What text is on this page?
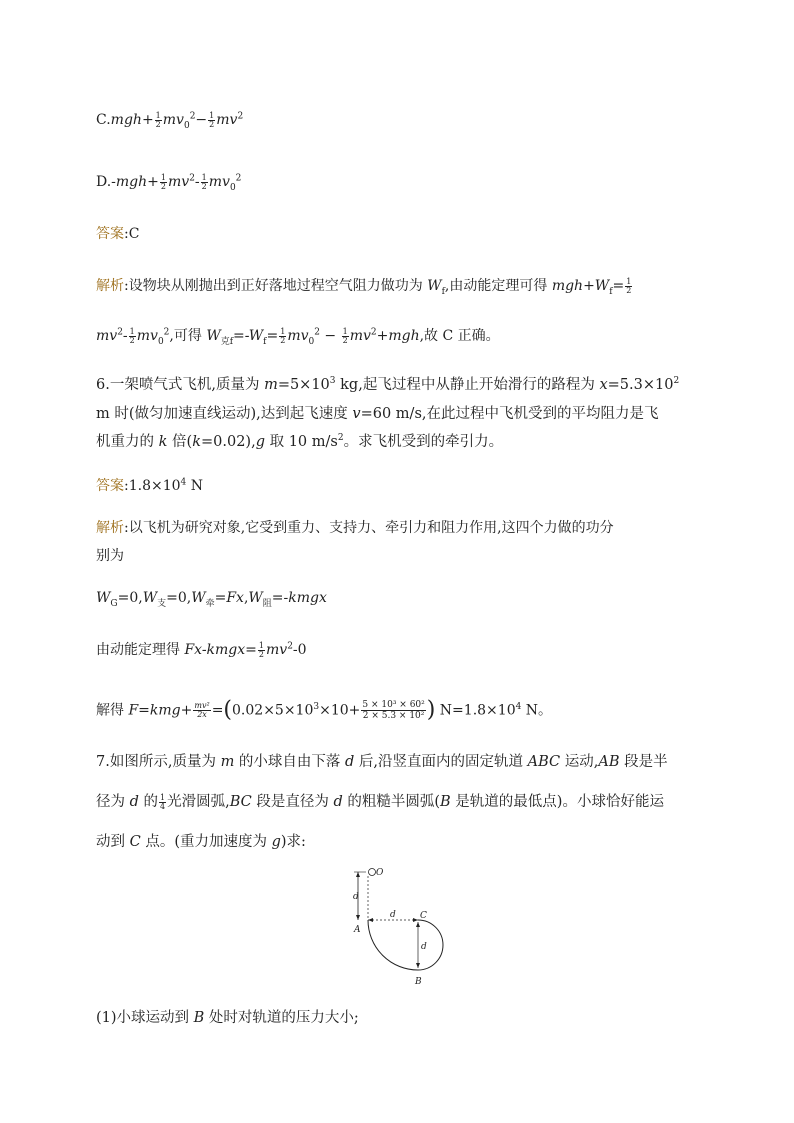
$C.mgh+ \frac{1}{2} mv_0^2- \frac{1}{2} mv^2$
$D.-mgh+ \frac{1}{2} mv^2- \frac{1}{2} mv_0^2$
答案:C
解析:设物块从刚抛出到正好落地过程空气阻力做功为 $W_f$,由动能定理可得 $mgh+W_f= \frac{1}{2}$
$mv^2- \frac{1}{2} mv_0^2$,可得 $W_{克f}=-W_f= \frac{1}{2} mv_0^2 - \frac{1}{2} mv^2+mgh$,故 C 正确。
6.一架喷气式飞机,质量为 $m=5\times 10^3$ kg,起飞过程中从静止开始滑行的路程为 $x=5.3\times 10^2$
m 时(做匀加速直线运动),达到起飞速度 v=60 m/s,在此过程中飞机受到的平均阻力是飞
机重力的 k 倍(k=0.02),g 取 10 $m/s^2$。求飞机受到的牵引力。
答案$:1.8\times 10^4$ N
解析:以飞机为研究对象,它受到重力、支持力、牵引力和阻力作用,这四个力做的功分
别为
$W_G=0,W_支=0,W_牵=Fx,W_阻=$-kmgx
由动能定理得 Fx-kmgx= $\frac{1}{2} mv^2-0$
解得 $F=kmg+ \frac{\text{mv²}}{2x} =(0.02\times 5\times 10^3\times 10+ \frac{\text{5 × 10³ × 60²}}{\text{2 × 5.3 × 10²}}$ ) $N=1.8\times 10^4$ N。
7.如图所示,质量为 m 的小球自由下落 d 后,沿竖直面内的固定轨道 ABC 运动,AB 段是半
径为 d 的 $\frac{1}{4}$ 光滑圆弧,BC 段是直径为 d 的粗糙半圆弧(B 是轨道的最低点)。小球恰好能运
动到 C 点。(重力加速度为 g)求:
O
d
d	C
A
d
B
(1)小球运动到 B 处时对轨道的压力大小;
